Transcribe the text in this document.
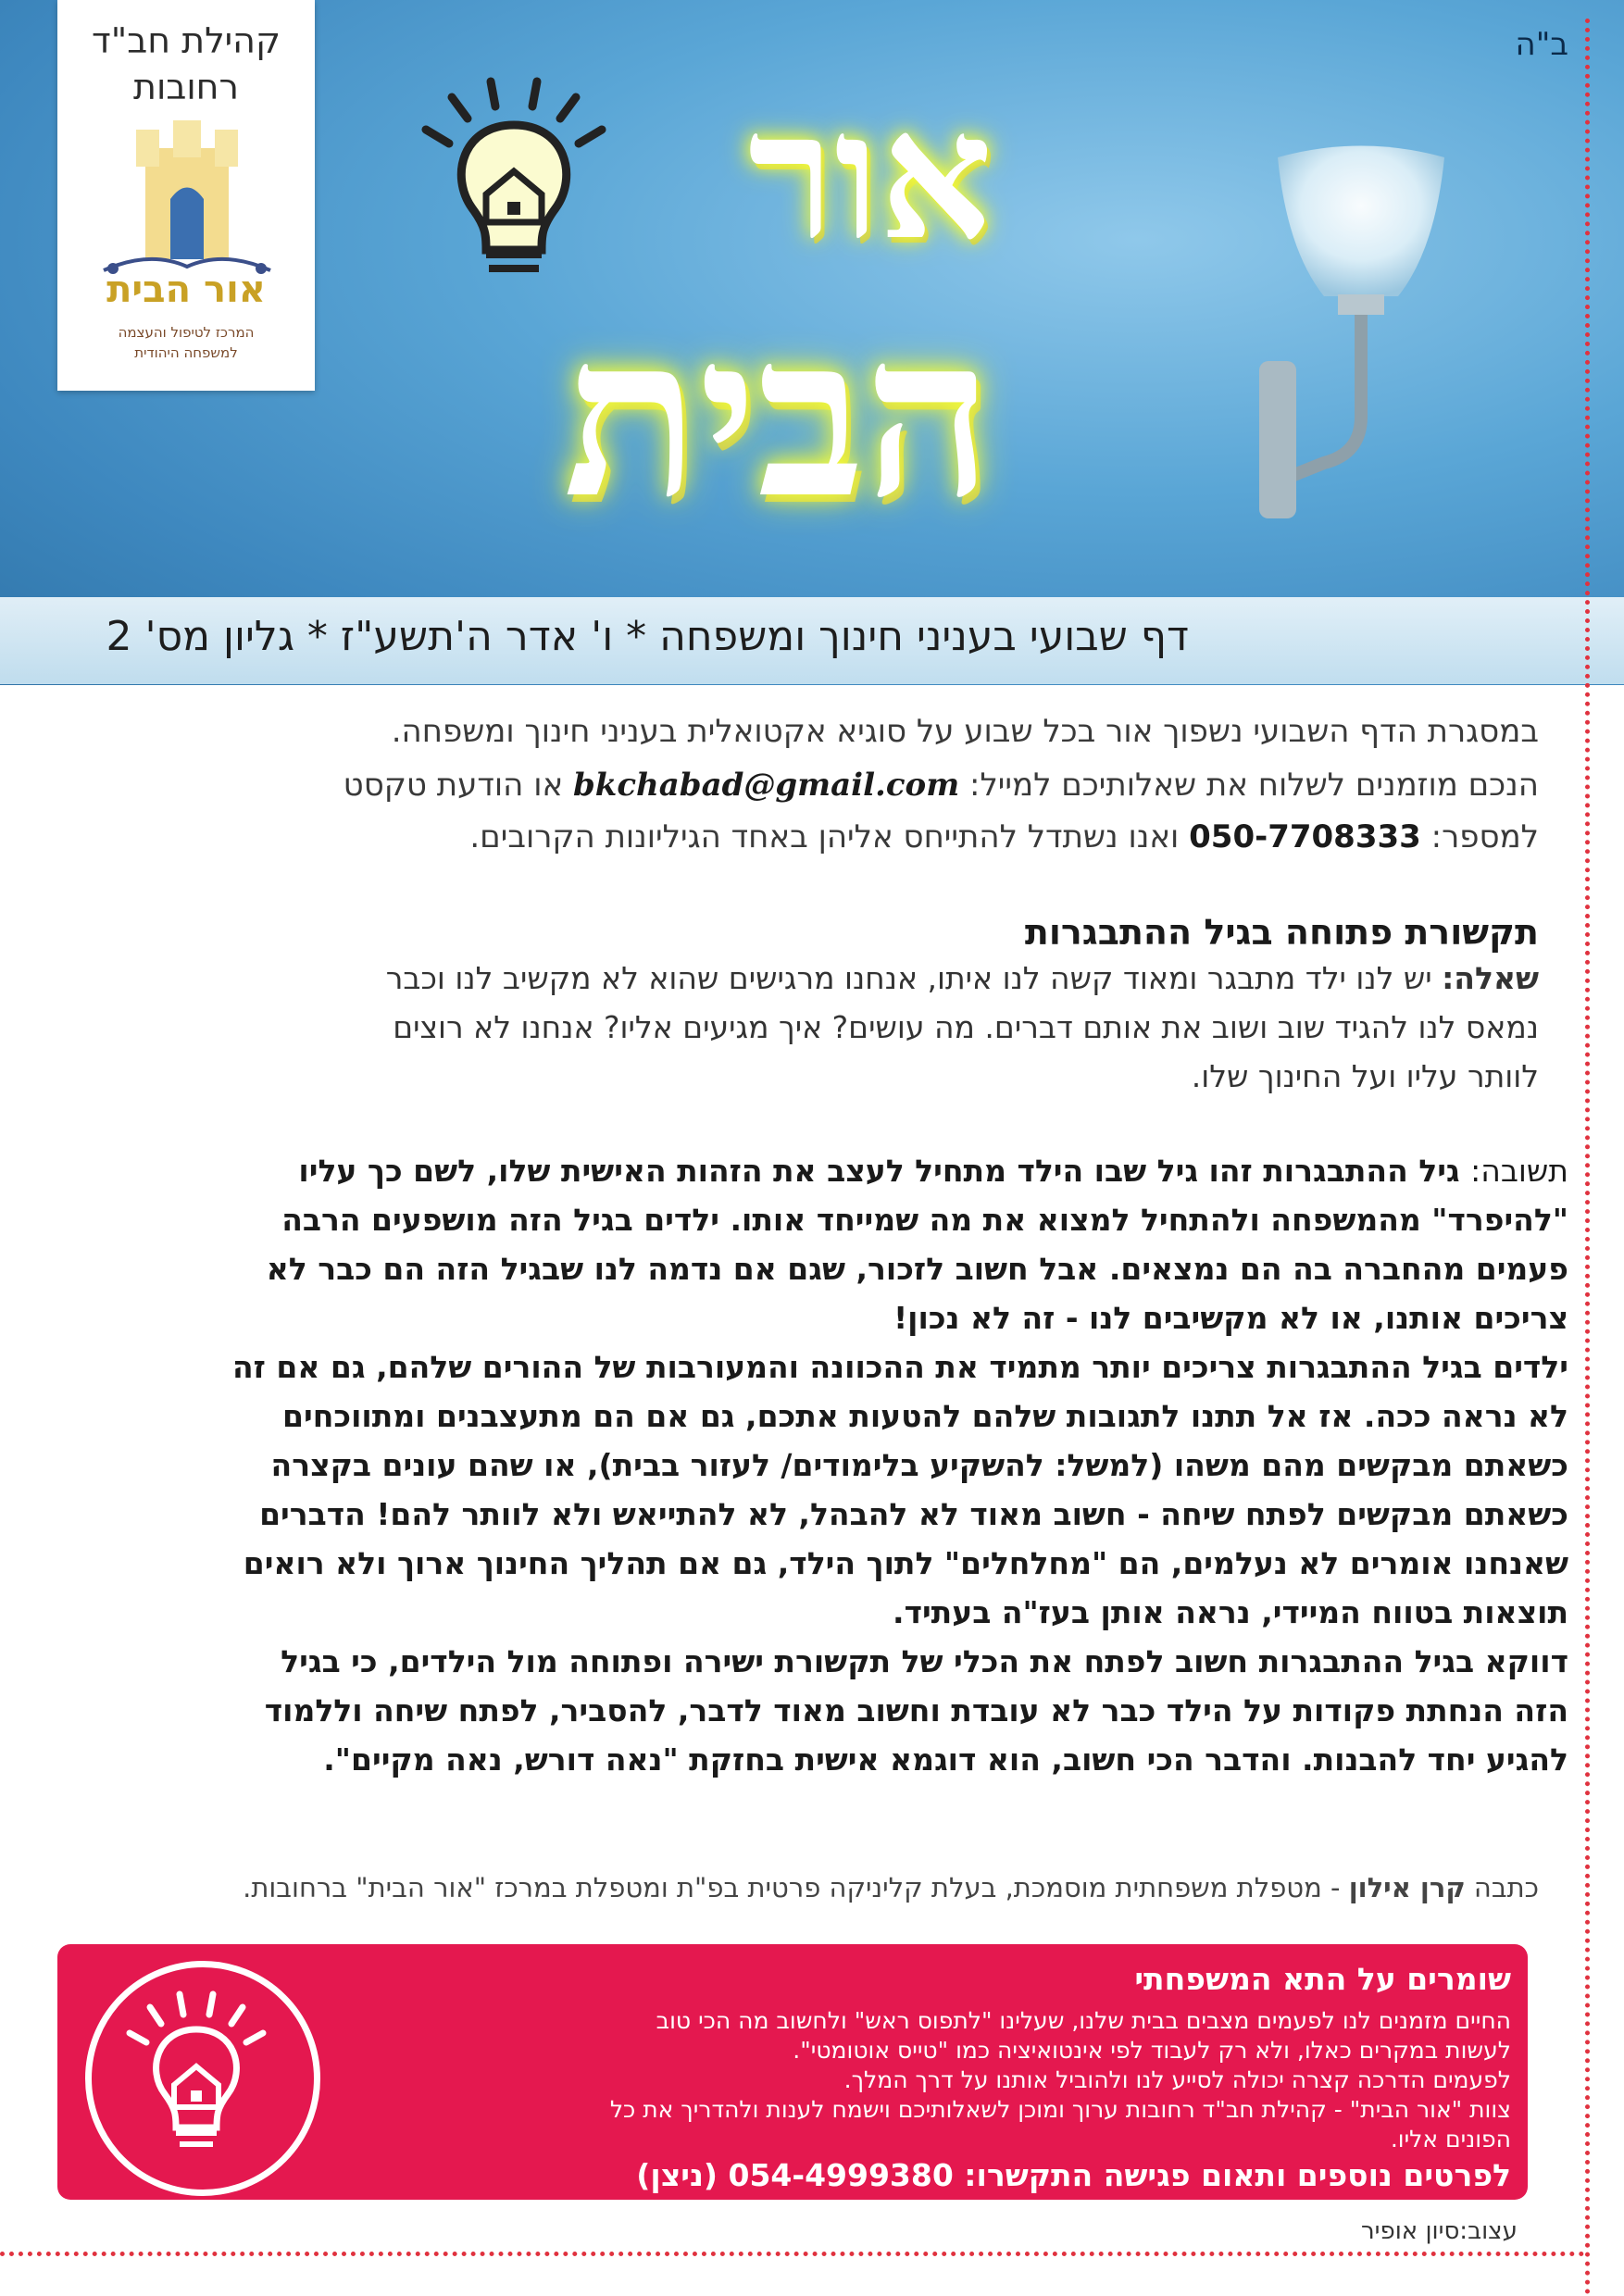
ב"ה
אור
הבית
קהילת חב"ד
רחובות
אור הבית
המרכז לטיפול והעצמה
למשפחה היהודית
דף שבועי בעניני חינוך ומשפחה * ו' אדר ה'תשע"ז * גליון מס' 2
במסגרת הדף השבועי נשפוך אור בכל שבוע על סוגיא אקטואלית בעניני חינוך ומשפחה.
הנכם מוזמנים לשלוח את שאלותיכם למייל: bkchabad@gmail.com או הודעת טקסט
למספר: 050-7708333 ואנו נשתדל להתייחס אליהן באחד הגיליונות הקרובים.
תקשורת פתוחה בגיל ההתבגרות
שאלה: יש לנו ילד מתבגר ומאוד קשה לנו איתו, אנחנו מרגישים שהוא לא מקשיב לנו וכבר
נמאס לנו להגיד שוב ושוב את אותם דברים. מה עושים? איך מגיעים אליו? אנחנו לא רוצים
לוותר עליו ועל החינוך שלו.
תשובה: גיל ההתבגרות זהו גיל שבו הילד מתחיל לעצב את הזהות האישית שלו, לשם כך עליו
"להיפרד" מהמשפחה ולהתחיל למצוא את מה שמייחד אותו. ילדים בגיל הזה מושפעים הרבה
פעמים מהחברה בה הם נמצאים. אבל חשוב לזכור, שגם אם נדמה לנו שבגיל הזה הם כבר לא
צריכים אותנו, או לא מקשיבים לנו - זה לא נכון!
ילדים בגיל ההתבגרות צריכים יותר מתמיד את ההכוונה והמעורבות של ההורים שלהם, גם אם זה
לא נראה ככה. אז אל תתנו לתגובות שלהם להטעות אתכם, גם אם הם מתעצבנים ומתווכחים
כשאתם מבקשים מהם משהו (למשל: להשקיע בלימודים/ לעזור בבית), או שהם עונים בקצרה
כשאתם מבקשים לפתח שיחה - חשוב מאוד לא להבהל, לא להתייאש ולא לוותר להם! הדברים
שאנחנו אומרים לא נעלמים, הם "מחלחלים" לתוך הילד, גם אם תהליך החינוך ארוך ולא רואים
תוצאות בטווח המיידי, נראה אותן בעז"ה בעתיד.
דווקא בגיל ההתבגרות חשוב לפתח את הכלי של תקשורת ישירה ופתוחה מול הילדים, כי בגיל
הזה הנחתת פקודות על הילד כבר לא עובדת וחשוב מאוד לדבר, להסביר, לפתח שיחה וללמוד
להגיע יחד להבנות. והדבר הכי חשוב, הוא דוגמא אישית בחזקת "נאה דורש, נאה מקיים".
כתבה קרן אילון - מטפלת משפחתית מוסמכת, בעלת קליניקה פרטית בפ"ת ומטפלת במרכז "אור הבית" ברחובות.
שומרים על התא המשפחתי
החיים מזמנים לנו לפעמים מצבים בבית שלנו, שעלינו "לתפוס ראש" ולחשוב מה הכי טוב
לעשות במקרים כאלו, ולא רק לעבוד לפי אינטואיציה כמו "טייס אוטומטי".
לפעמים הדרכה קצרה יכולה לסייע לנו ולהוביל אותנו על דרך המלך.
צוות "אור הבית" - קהילת חב"ד רחובות ערוך ומוכן לשאלותיכם וישמח לענות ולהדריך את כל
הפונים אליו.
לפרטים נוספים ותאום פגישה התקשרו: 054-4999380 (ניצן)
עצוב:סיון אופיר
